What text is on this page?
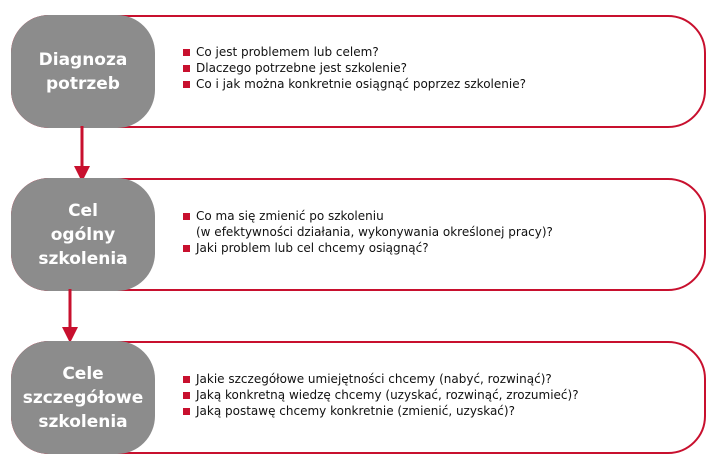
Diagnoza
potrzeb
Co jest problemem lub celem?
Dlaczego potrzebne jest szkolenie?
Co i jak można konkretnie osiągnąć poprzez szkolenie?
Cel
ogólny
szkolenia
Co ma się zmienić po szkoleniu
(w efektywności działania, wykonywania określonej pracy)?
Jaki problem lub cel chcemy osiągnąć?
Cele
szczegółowe
szkolenia
Jakie szczegółowe umiejętności chcemy (nabyć, rozwinąć)?
Jaką konkretną wiedzę chcemy (uzyskać, rozwinąć, zrozumieć)?
Jaką postawę chcemy konkretnie (zmienić, uzyskać)?
